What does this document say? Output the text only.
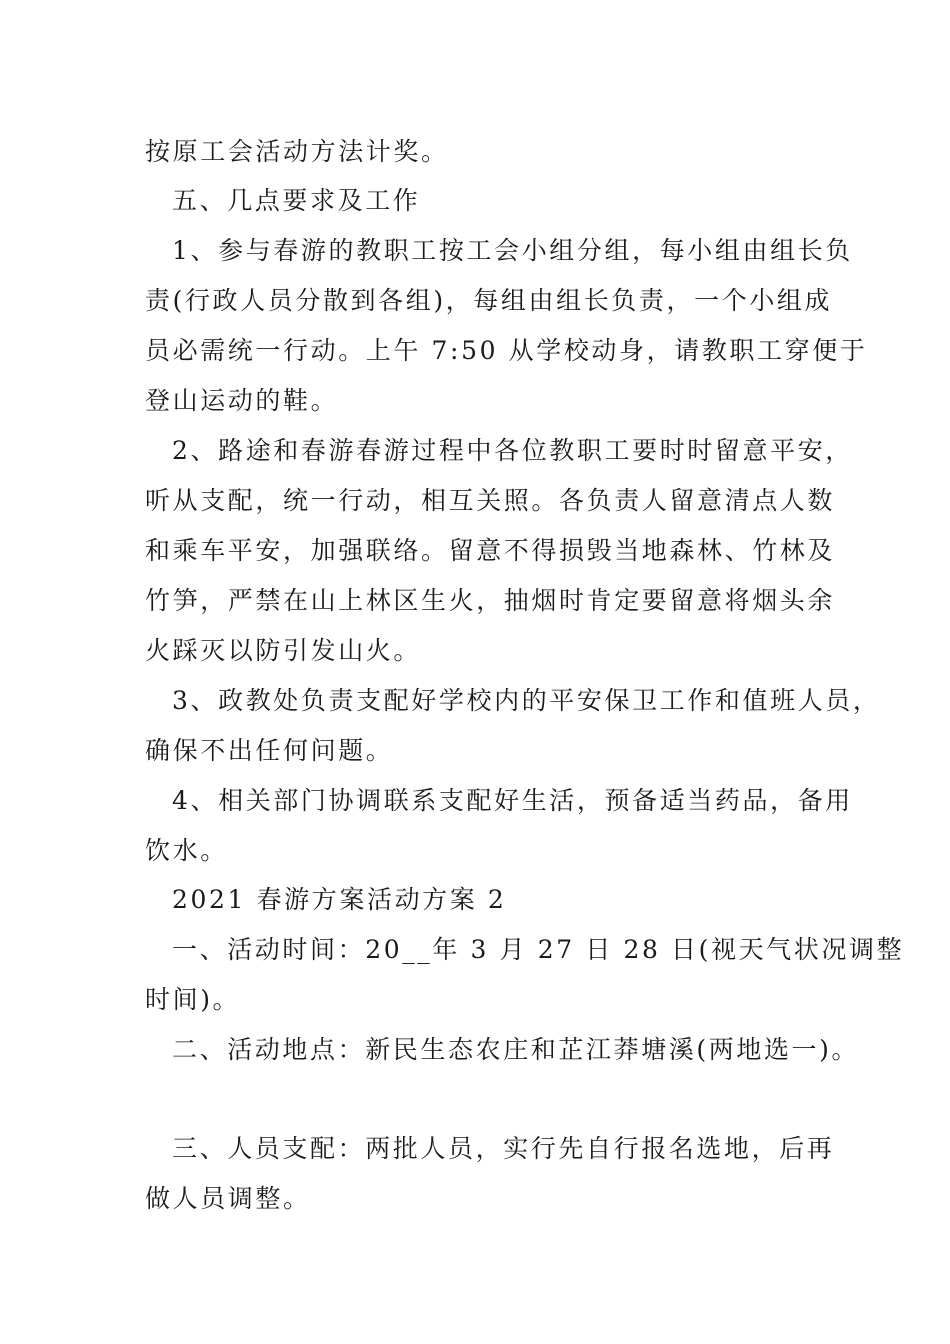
按原工会活动方法计奖。
五、几点要求及工作
1、参与春游的教职工按工会小组分组，每小组由组长负
责(行政人员分散到各组)，每组由组长负责，一个小组成
员必需统一行动。上午 7:50 从学校动身，请教职工穿便于
登山运动的鞋。
2、路途和春游春游过程中各位教职工要时时留意平安，
听从支配，统一行动，相互关照。各负责人留意清点人数
和乘车平安，加强联络。留意不得损毁当地森林、竹林及
竹笋，严禁在山上林区生火，抽烟时肯定要留意将烟头余
火踩灭以防引发山火。
3、政教处负责支配好学校内的平安保卫工作和值班人员，
确保不出任何问题。
4、相关部门协调联系支配好生活，预备适当药品，备用
饮水。
2021 春游方案活动方案 2
一、活动时间：20__年 3 月 27 日 28 日(视天气状况调整
时间)。
二、活动地点：新民生态农庄和芷江莽塘溪(两地选一)。
三、人员支配：两批人员，实行先自行报名选地，后再
做人员调整。
